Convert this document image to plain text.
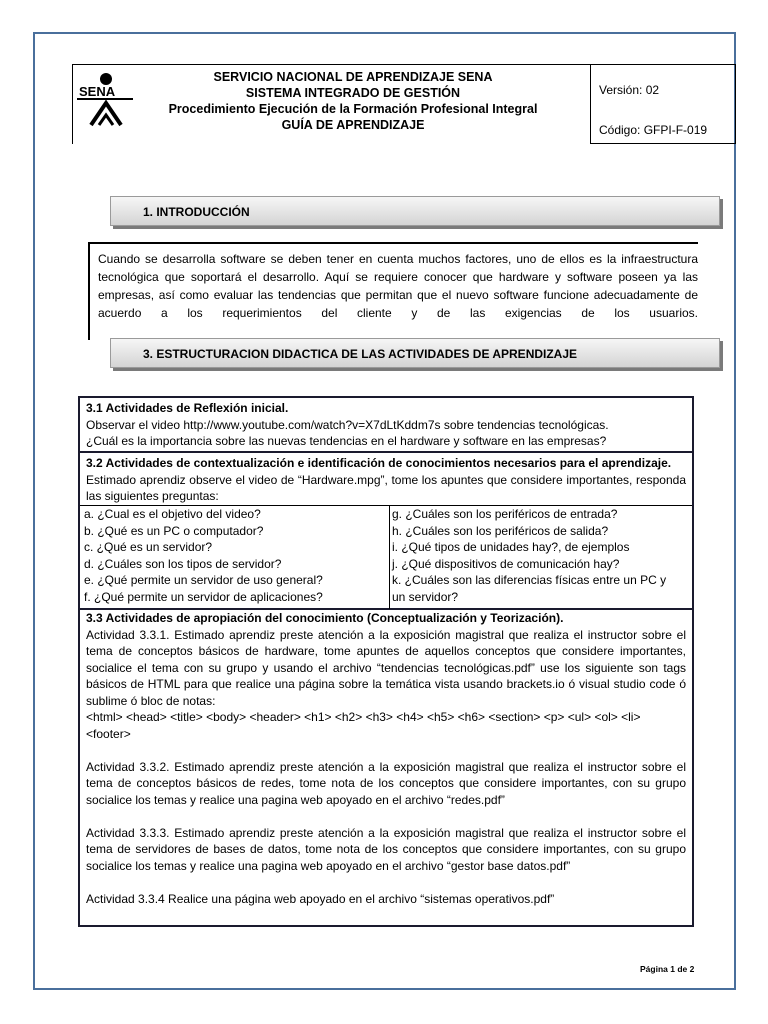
SENA
SERVICIO NACIONAL DE APRENDIZAJE SENA
SISTEMA INTEGRADO DE GESTIÓN
Procedimiento Ejecución de la Formación Profesional Integral
GUÍA DE APRENDIZAJE
Versión: 02
Código: GFPI-F-019
1. INTRODUCCIÓN
Cuando se desarrolla software se deben tener en cuenta muchos factores, uno de ellos es la infraestructura tecnológica que soportará el desarrollo. Aquí se requiere conocer que hardware y software poseen ya las empresas, así como evaluar las tendencias que permitan que el nuevo software funcione adecuadamente de acuerdo a los requerimientos del cliente y de las exigencias de los usuarios.
3. ESTRUCTURACION DIDACTICA DE LAS ACTIVIDADES DE APRENDIZAJE
3.1 Actividades de Reflexión inicial.
Observar el video http://www.youtube.com/watch?v=X7dLtKddm7s sobre tendencias tecnológicas.
¿Cuál es la importancia sobre las nuevas tendencias en el hardware y software en las empresas?
3.2 Actividades de contextualización e identificación de conocimientos necesarios para el aprendizaje.
Estimado aprendiz observe el video de “Hardware.mpg”, tome los apuntes que considere importantes, responda las siguientes preguntas:
a. ¿Cual es el objetivo del video?
b. ¿Qué es un PC o computador?
c. ¿Qué es un servidor?
d. ¿Cuáles son los tipos de servidor?
e. ¿Qué permite un servidor de uso general?
f. ¿Qué permite un servidor de aplicaciones?
g. ¿Cuáles son los periféricos de entrada?
h. ¿Cuáles son los periféricos de salida?
i. ¿Qué tipos de unidades hay?, de ejemplos
j. ¿Qué dispositivos de comunicación hay?
k. ¿Cuáles son las diferencias físicas entre un PC y
un servidor?
3.3 Actividades de apropiación del conocimiento (Conceptualización y Teorización).

Actividad 3.3.1. Estimado aprendiz preste atención a la exposición magistral que realiza el instructor sobre el tema de conceptos básicos de hardware, tome apuntes de aquellos conceptos que considere importantes, socialice el tema con su grupo y usando el archivo “tendencias tecnológicas.pdf” use los siguiente son tags básicos de HTML para que realice una página sobre la temática vista usando brackets.io ó visual studio code ó sublime ó bloc de notas:

<html> <head> <title> <body> <header> <h1> <h2> <h3> <h4> <h5> <h6> <section> <p> <ul> <ol> <li> <footer>

Actividad 3.3.2. Estimado aprendiz preste atención a la exposición magistral que realiza el instructor sobre el tema de conceptos básicos de redes, tome nota de los conceptos que considere importantes, con su grupo socialice los temas y realice una pagina web apoyado en el archivo “redes.pdf”

Actividad 3.3.3. Estimado aprendiz preste atención a la exposición magistral que realiza el instructor sobre el tema de servidores de bases de datos, tome nota de los conceptos que considere importantes, con su grupo socialice los temas y realice una pagina web apoyado en el archivo “gestor base datos.pdf”

Actividad 3.3.4 Realice una página web apoyado en el archivo “sistemas operativos.pdf”

Página 1 de 2
